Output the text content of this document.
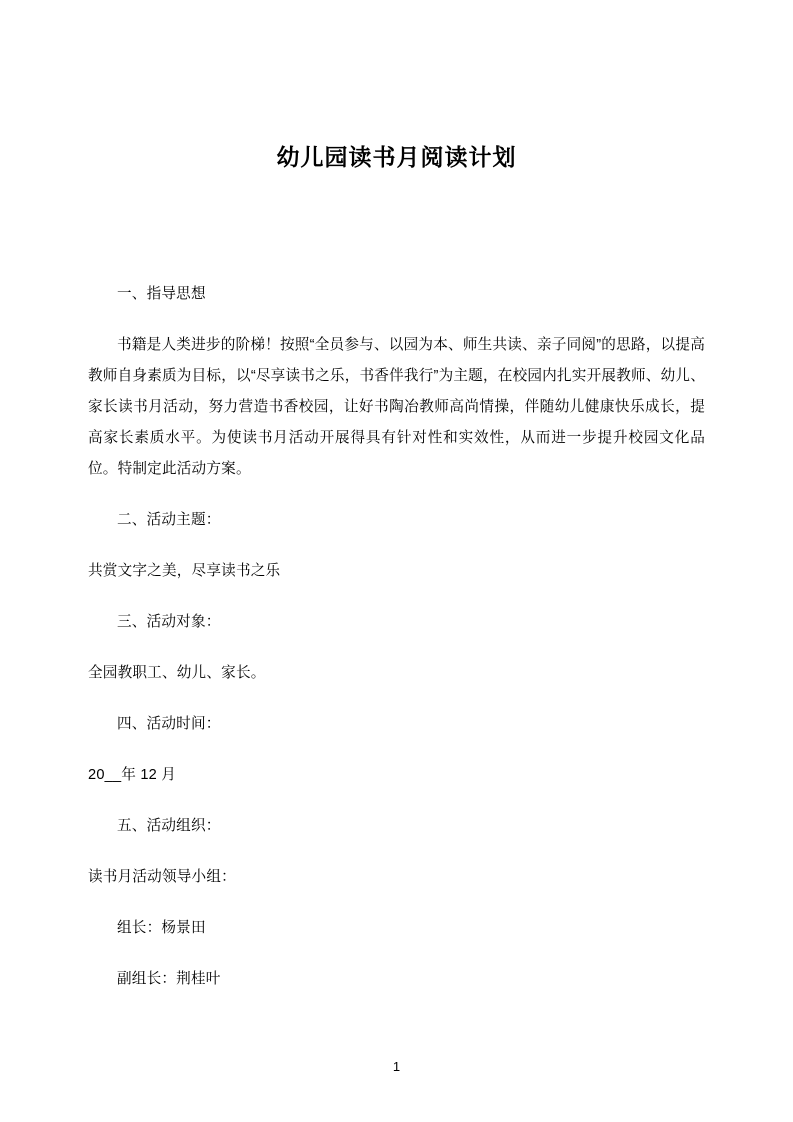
幼儿园读书月阅读计划

一、指导思想

书籍是人类进步的阶梯！按照“全员参与、以园为本、师生共读、亲子同阅”的思路，以提高教师自身素质为目标，以“尽享读书之乐，书香伴我行”为主题，在校园内扎实开展教师、幼儿、家长读书月活动，努力营造书香校园，让好书陶冶教师高尚情操，伴随幼儿健康快乐成长，提高家长素质水平。为使读书月活动开展得具有针对性和实效性，从而进一步提升校园文化品位。特制定此活动方案。

二、活动主题：

共赏文字之美，尽享读书之乐

三、活动对象：

全园教职工、幼儿、家长。

四、活动时间：

20__年 12 月

五、活动组织：

读书月活动领导小组：

组长：杨景田

副组长：荆桂叶

1
